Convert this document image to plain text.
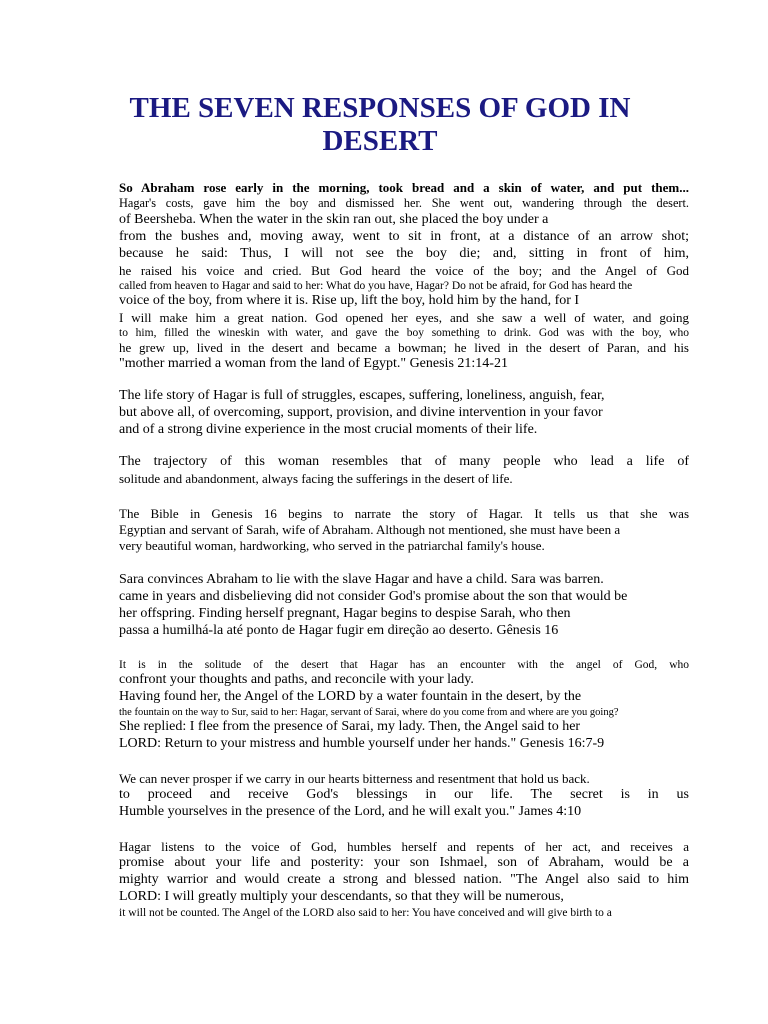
THE SEVEN RESPONSES OF GOD IN
DESERT
So Abraham rose early in the morning, took bread and a skin of water, and put them...
Hagar's costs, gave him the boy and dismissed her. She went out, wandering through the desert.
of Beersheba. When the water in the skin ran out, she placed the boy under a
from the bushes and, moving away, went to sit in front, at a distance of an arrow shot;
because he said: Thus, I will not see the boy die; and, sitting in front of him,
he raised his voice and cried. But God heard the voice of the boy; and the Angel of God
called from heaven to Hagar and said to her: What do you have, Hagar? Do not be afraid, for God has heard the
voice of the boy, from where it is. Rise up, lift the boy, hold him by the hand, for I
I will make him a great nation. God opened her eyes, and she saw a well of water, and going
to him, filled the wineskin with water, and gave the boy something to drink. God was with the boy, who
he grew up, lived in the desert and became a bowman; he lived in the desert of Paran, and his
"mother married a woman from the land of Egypt." Genesis 21:14-21
The life story of Hagar is full of struggles, escapes, suffering, loneliness, anguish, fear,
but above all, of overcoming, support, provision, and divine intervention in your favor
and of a strong divine experience in the most crucial moments of their life.
The trajectory of this woman resembles that of many people who lead a life of
solitude and abandonment, always facing the sufferings in the desert of life.
The Bible in Genesis 16 begins to narrate the story of Hagar. It tells us that she was
Egyptian and servant of Sarah, wife of Abraham. Although not mentioned, she must have been a
very beautiful woman, hardworking, who served in the patriarchal family's house.
Sara convinces Abraham to lie with the slave Hagar and have a child. Sara was barren.
came in years and disbelieving did not consider God's promise about the son that would be
her offspring. Finding herself pregnant, Hagar begins to despise Sarah, who then
passa a humilhá-la até ponto de Hagar fugir em direção ao deserto. Gênesis 16
It is in the solitude of the desert that Hagar has an encounter with the angel of God, who
confront your thoughts and paths, and reconcile with your lady.
Having found her, the Angel of the LORD by a water fountain in the desert, by the
the fountain on the way to Sur, said to her: Hagar, servant of Sarai, where do you come from and where are you going?
She replied: I flee from the presence of Sarai, my lady. Then, the Angel said to her
LORD: Return to your mistress and humble yourself under her hands." Genesis 16:7-9
We can never prosper if we carry in our hearts bitterness and resentment that hold us back.
to proceed and receive God's blessings in our life. The secret is in us
Humble yourselves in the presence of the Lord, and he will exalt you." James 4:10
Hagar listens to the voice of God, humbles herself and repents of her act, and receives a
promise about your life and posterity: your son Ishmael, son of Abraham, would be a
mighty warrior and would create a strong and blessed nation. "The Angel also said to him
LORD: I will greatly multiply your descendants, so that they will be numerous,
it will not be counted. The Angel of the LORD also said to her: You have conceived and will give birth to a
